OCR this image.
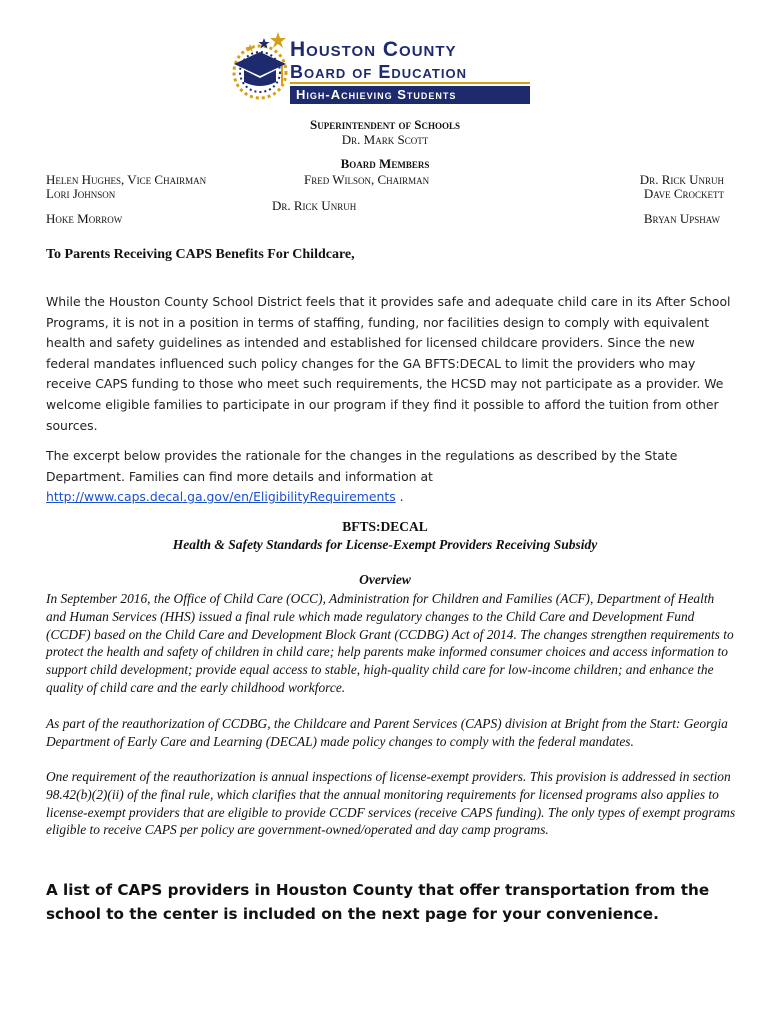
Houston County
Board of Education
High-Achieving Students
Superintendent of Schools
Dr. Mark Scott
Board Members
Helen Hughes, Vice Chairman
Lori Johnson
Hoke Morrow
Fred Wilson, Chairman
Dr. Rick Unruh
Dr. Rick Unruh
Dave Crockett
Bryan Upshaw
To Parents Receiving CAPS Benefits For Childcare,
While the Houston County School District feels that it provides safe and adequate child care in its After School Programs, it is not in a position in terms of staffing, funding, nor facilities design to comply with equivalent health and safety guidelines as intended and established for licensed childcare providers. Since the new federal mandates influenced such policy changes for the GA BFTS:DECAL to limit the providers who may receive CAPS funding to those who meet such requirements, the HCSD may not participate as a provider. We welcome eligible families to participate in our program if they find it possible to afford the tuition from other sources.
The excerpt below provides the rationale for the changes in the regulations as described by the State Department. Families can find more details and information at
http://www.caps.decal.ga.gov/en/EligibilityRequirements .
BFTS:DECAL
Health & Safety Standards for License-Exempt Providers Receiving Subsidy
Overview
In September 2016, the Office of Child Care (OCC), Administration for Children and Families (ACF), Department of Health and Human Services (HHS) issued a final rule which made regulatory changes to the Child Care and Development Fund (CCDF) based on the Child Care and Development Block Grant (CCDBG) Act of 2014. The changes strengthen requirements to protect the health and safety of children in child care; help parents make informed consumer choices and access information to support child development; provide equal access to stable, high-quality child care for low-income children; and enhance the quality of child care and the early childhood workforce.
As part of the reauthorization of CCDBG, the Childcare and Parent Services (CAPS) division at Bright from the Start: Georgia Department of Early Care and Learning (DECAL) made policy changes to comply with the federal mandates.
One requirement of the reauthorization is annual inspections of license-exempt providers. This provision is addressed in section 98.42(b)(2)(ii) of the final rule, which clarifies that the annual monitoring requirements for licensed programs also applies to license-exempt providers that are eligible to provide CCDF services (receive CAPS funding). The only types of exempt programs eligible to receive CAPS per policy are government-owned/operated and day camp programs.
A list of CAPS providers in Houston County that offer transportation from the school to the center is included on the next page for your convenience.
